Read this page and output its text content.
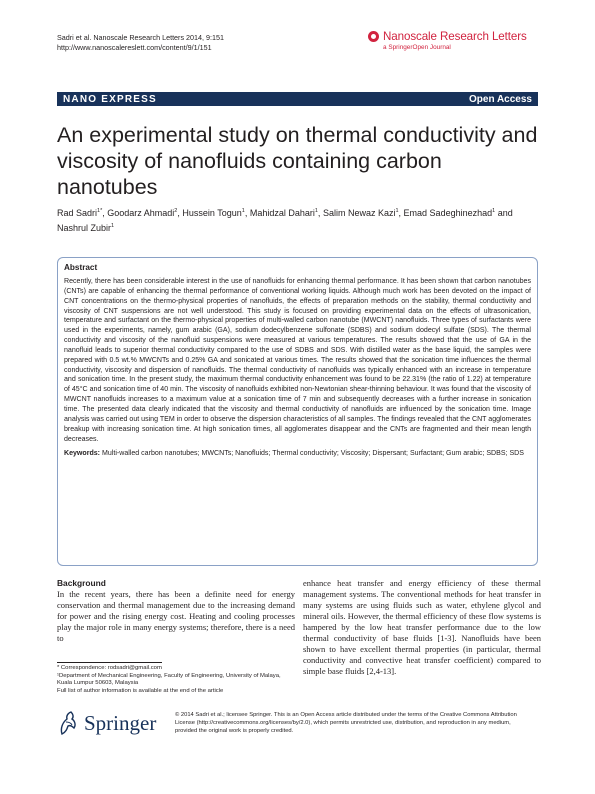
Sadri et al. Nanoscale Research Letters 2014, 9:151
http://www.nanoscalereslett.com/content/9/1/151
Nanoscale Research Letters
a SpringerOpen Journal
NANO EXPRESS	Open Access
An experimental study on thermal conductivity and viscosity of nanofluids containing carbon nanotubes
Rad Sadri$^{1*}$, Goodarz Ahmadi$^2$, Hussein Togun$^1$, Mahidzal Dahari$^1$, Salim Newaz Kazi$^1$, Emad Sadeghinezhad$^1$ and Nashrul Zubir$^1$
Abstract
Recently, there has been considerable interest in the use of nanofluids for enhancing thermal performance. It has been shown that carbon nanotubes (CNTs) are capable of enhancing the thermal performance of conventional working liquids. Although much work has been devoted on the impact of CNT concentrations on the thermo-physical properties of nanofluids, the effects of preparation methods on the stability, thermal conductivity and viscosity of CNT suspensions are not well understood. This study is focused on providing experimental data on the effects of ultrasonication, temperature and surfactant on the thermo-physical properties of multi-walled carbon nanotube (MWCNT) nanofluids. Three types of surfactants were used in the experiments, namely, gum arabic (GA), sodium dodecylbenzene sulfonate (SDBS) and sodium dodecyl sulfate (SDS). The thermal conductivity and viscosity of the nanofluid suspensions were measured at various temperatures. The results showed that the use of GA in the nanofluid leads to superior thermal conductivity compared to the use of SDBS and SDS. With distilled water as the base liquid, the samples were prepared with 0.5 wt.% MWCNTs and 0.25% GA and sonicated at various times. The results showed that the sonication time influences the thermal conductivity, viscosity and dispersion of nanofluids. The thermal conductivity of nanofluids was typically enhanced with an increase in temperature and sonication time. In the present study, the maximum thermal conductivity enhancement was found to be 22.31% (the ratio of 1.22) at temperature of 45°C and sonication time of 40 min. The viscosity of nanofluids exhibited non-Newtonian shear-thinning behaviour. It was found that the viscosity of MWCNT nanofluids increases to a maximum value at a sonication time of 7 min and subsequently decreases with a further increase in sonication time. The presented data clearly indicated that the viscosity and thermal conductivity of nanofluids are influenced by the sonication time. Image analysis was carried out using TEM in order to observe the dispersion characteristics of all samples. The findings revealed that the CNT agglomerates breakup with increasing sonication time. At high sonication times, all agglomerates disappear and the CNTs are fragmented and their mean length decreases.
Keywords: Multi-walled carbon nanotubes; MWCNTs; Nanofluids; Thermal conductivity; Viscosity; Dispersant; Surfactant; Gum arabic; SDBS; SDS
Background
In the recent years, there has been a definite need for energy conservation and thermal management due to the increasing demand for power and the rising energy cost. Heating and cooling processes play the major role in many energy systems; therefore, there is a need to
enhance heat transfer and energy efficiency of these thermal management systems. The conventional methods for heat transfer in many systems are using fluids such as water, ethylene glycol and mineral oils. However, the thermal efficiency of these flow systems is hampered by the low heat transfer performance due to the low thermal conductivity of base fluids [1-3]. Nanofluids have been shown to have excellent thermal properties (in particular, thermal conductivity and convective heat transfer coefficient) compared to simple base fluids [2,4-13].
* Correspondence: rodsadri@gmail.com
¹Department of Mechanical Engineering, Faculty of Engineering, University of Malaya, Kuala Lumpur 50603, Malaysia
Full list of author information is available at the end of the article
Springer	© 2014 Sadri et al.; licensee Springer. This is an Open Access article distributed under the terms of the Creative Commons Attribution License (http://creativecommons.org/licenses/by/2.0), which permits unrestricted use, distribution, and reproduction in any medium, provided the original work is properly credited.
